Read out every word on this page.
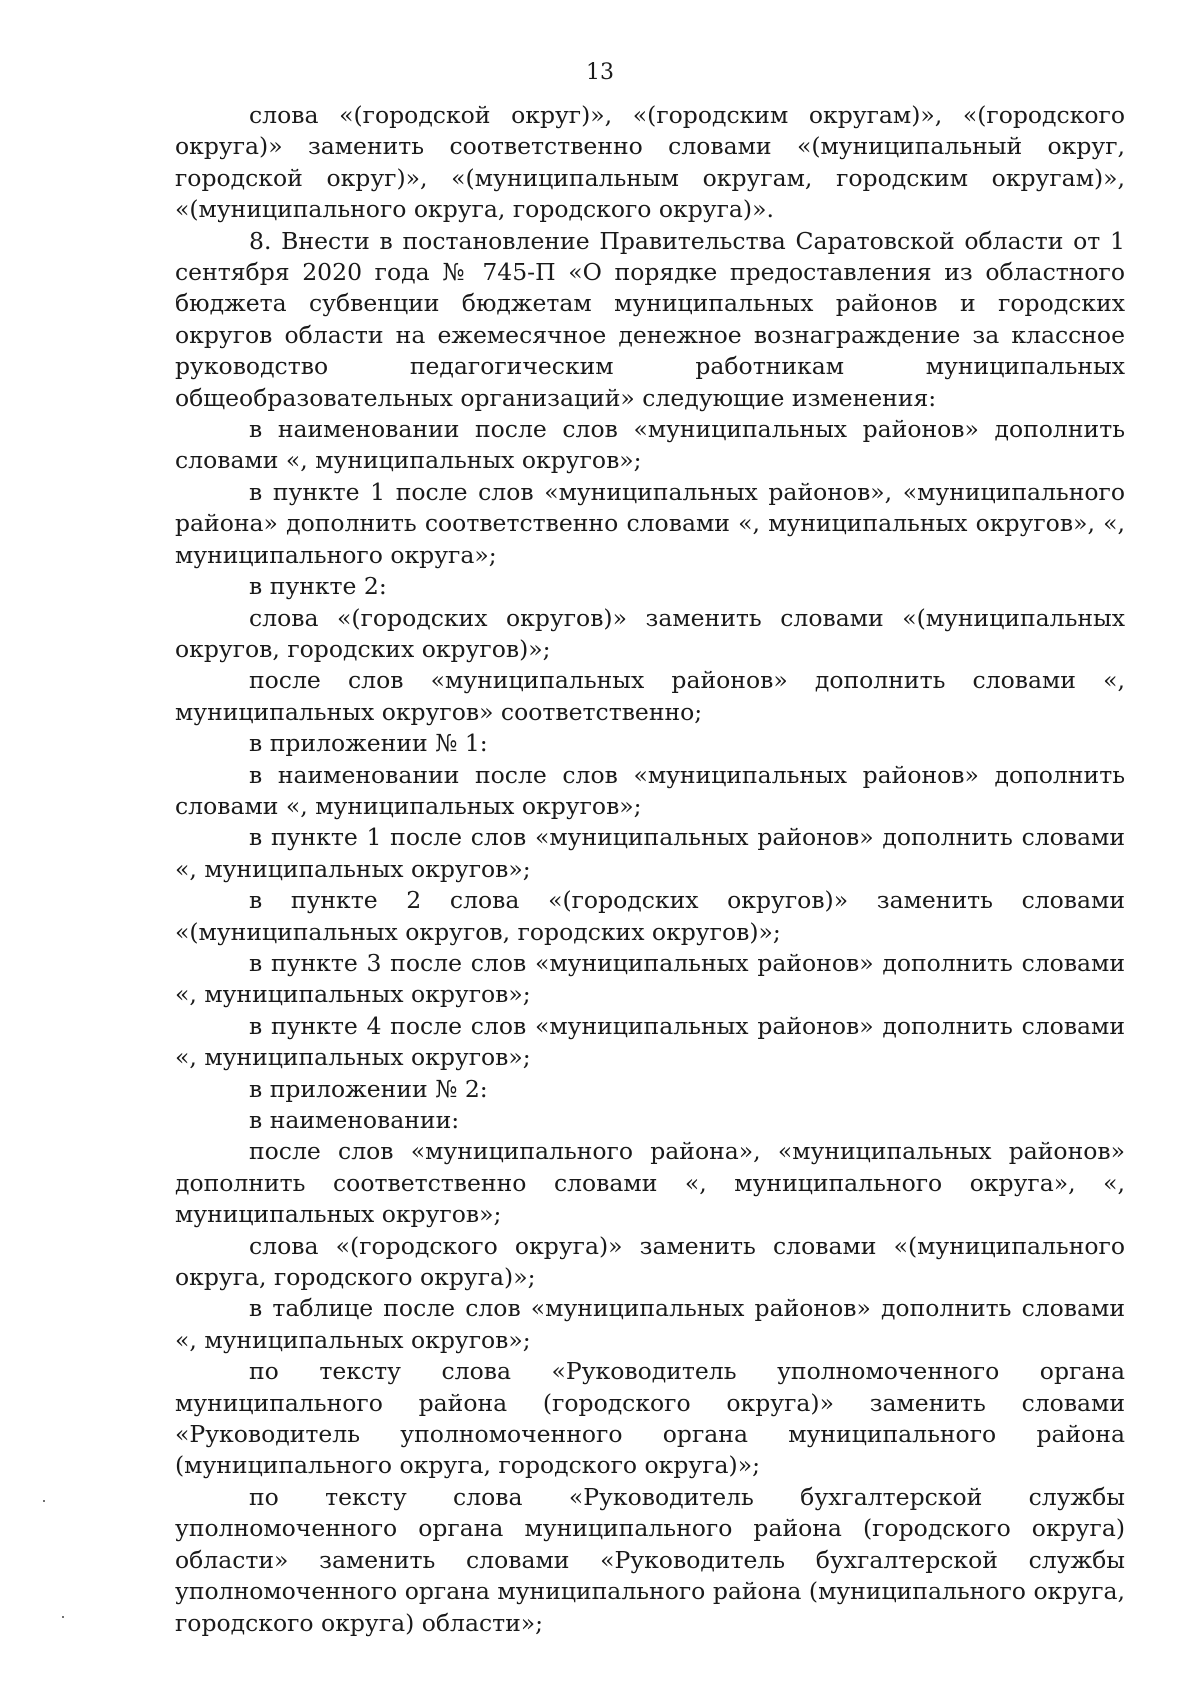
13

слова «(городской округ)», «(городским округам)», «(городского округа)» заменить соответственно словами «(муниципальный округ, городской округ)», «(муниципальным округам, городским округам)», «(муниципального округа, городского округа)».

8. Внести в постановление Правительства Саратовской области от 1 сентября 2020 года № 745-П «О порядке предоставления из областного бюджета субвенции бюджетам муниципальных районов и городских округов области на ежемесячное денежное вознаграждение за классное руководство педагогическим работникам муниципальных общеобразовательных организаций» следующие изменения:

в наименовании после слов «муниципальных районов» дополнить словами «, муниципальных округов»;

в пункте 1 после слов «муниципальных районов», «муниципального района» дополнить соответственно словами «, муниципальных округов», «, муниципального округа»;

в пункте 2:

слова «(городских округов)» заменить словами «(муниципальных округов, городских округов)»;

после слов «муниципальных районов» дополнить словами «, муниципальных округов» соответственно;

в приложении № 1:

в наименовании после слов «муниципальных районов» дополнить словами «, муниципальных округов»;

в пункте 1 после слов «муниципальных районов» дополнить словами «, муниципальных округов»;

в пункте 2 слова «(городских округов)» заменить словами «(муниципальных округов, городских округов)»;

в пункте 3 после слов «муниципальных районов» дополнить словами «, муниципальных округов»;

в пункте 4 после слов «муниципальных районов» дополнить словами «, муниципальных округов»;

в приложении № 2:

в наименовании:

после слов «муниципального района», «муниципальных районов» дополнить соответственно словами «, муниципального округа», «, муниципальных округов»;

слова «(городского округа)» заменить словами «(муниципального округа, городского округа)»;

в таблице после слов «муниципальных районов» дополнить словами «, муниципальных округов»;

по тексту слова «Руководитель уполномоченного органа муниципального района (городского округа)» заменить словами «Руководитель уполномоченного органа муниципального района (муниципального округа, городского округа)»;

по тексту слова «Руководитель бухгалтерской службы уполномоченного органа муниципального района (городского округа) области» заменить словами «Руководитель бухгалтерской службы уполномоченного органа муниципального района (муниципального округа, городского округа) области»;
